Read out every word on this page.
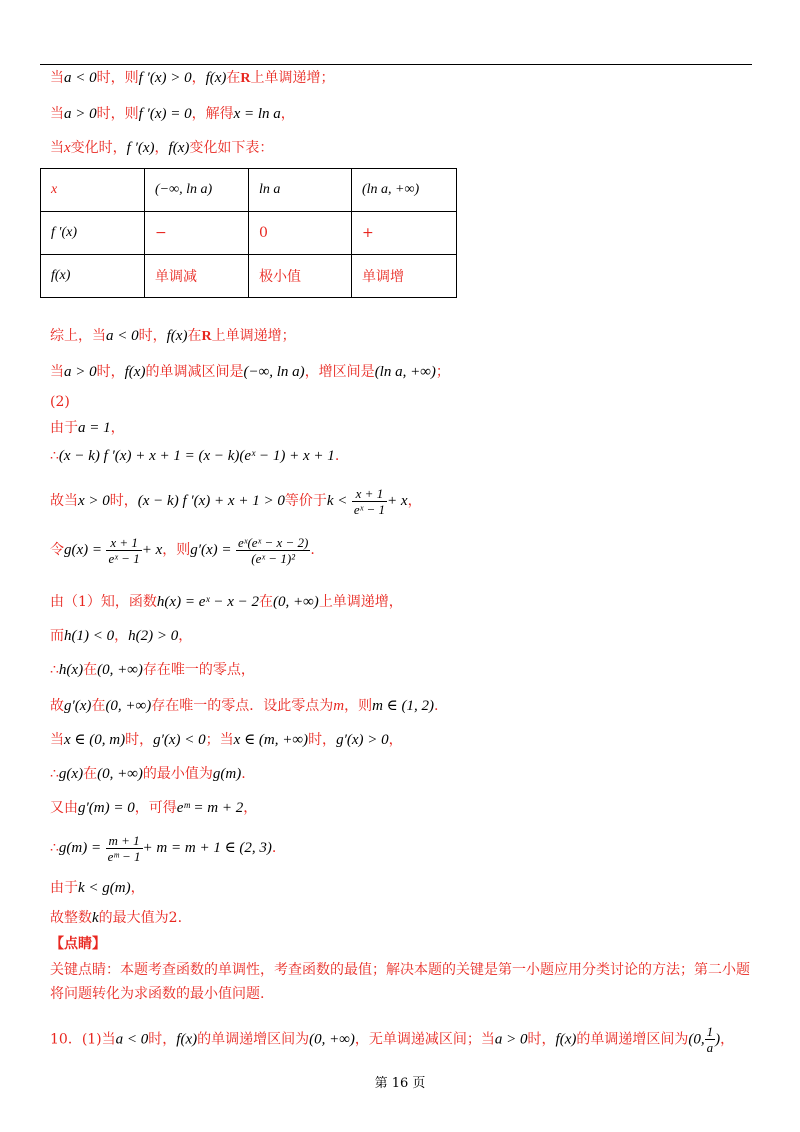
当a < 0时，则f ′(x) > 0，f(x)在R上单调递增；
当a > 0时，则f ′(x) = 0，解得x = ln a，
当x变化时，f ′(x)，f(x)变化如下表：
x	(−∞, ln a)	ln a	(ln a, +∞)
f ′(x)	−	0	+
f(x)	单调减	极小值	单调增
综上，当a < 0时，f(x)在R上单调递增；
当a > 0时，f(x)的单调减区间是(−∞, ln a)，增区间是(ln a, +∞)；
(2)
由于a = 1，
∴(x − k) f ′(x) + x + 1 = (x − k)(eˣ − 1) + x + 1.
故当x > 0时，(x − k) f ′(x) + x + 1 > 0等价于$k < \frac{x + 1}{\text{eˣ − 1}} + x$，
令$g(x) = \frac{x + 1}{\text{eˣ − 1}} + x$，则$g'(x) = \frac{\text{eˣ(eˣ − x − 2)}}{\text{(eˣ − 1)²}}$ .
由（1）知，函数h(x) = eˣ − x − 2在(0, +∞)上单调递增，
而h(1) < 0，h(2) > 0，
∴h(x)在(0, +∞)存在唯一的零点，
故g′(x)在(0, +∞)存在唯一的零点．设此零点为m，则m ∈ (1, 2).
当x ∈ (0, m)时，g′(x) < 0；当x ∈ (m, +∞)时，g′(x) > 0，
∴g(x)在(0, +∞)的最小值为g(m).
又由g′(m) = 0，可得eᵐ = m + 2，
∴g(m) = $\frac{m + 1}{\text{eᵐ − 1}} + m = m + 1$ ∈ (2, 3).
由于k < g(m)，
故整数k的最大值为2.
【点睛】
关键点睛：本题考查函数的单调性，考查函数的最值；解决本题的关键是第一小题应用分类讨论的方法；第二小题将问题转化为求函数的最小值问题.
10．(1)当a < 0时，f(x)的单调递增区间为(0, +∞)，无单调递减区间；当a > 0时，f(x)的单调递增区间为(0, $\frac{1}{a}$ )，
第 16 页
